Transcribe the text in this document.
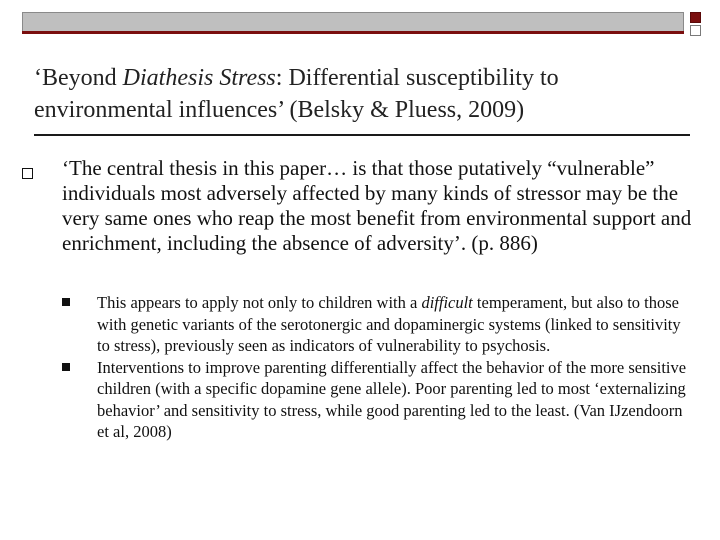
‘Beyond Diathesis Stress: Differential susceptibility to environmental influences’ (Belsky & Pluess, 2009)

‘The central thesis in this paper… is that those putatively “vulnerable” individuals most adversely affected by many kinds of stressor may be the very same ones who reap the most benefit from environmental support and enrichment, including the absence of adversity’. (p. 886)

This appears to apply not only to children with a difficult temperament, but also to those with genetic variants of the serotonergic and dopaminergic systems (linked to sensitivity to stress), previously seen as indicators of vulnerability to psychosis.
Interventions to improve parenting differentially affect the behavior of the more sensitive children (with a specific dopamine gene allele). Poor parenting led to most ‘externalizing behavior’ and sensitivity to stress, while good parenting led to the least. (Van IJzendoorn et al, 2008)
